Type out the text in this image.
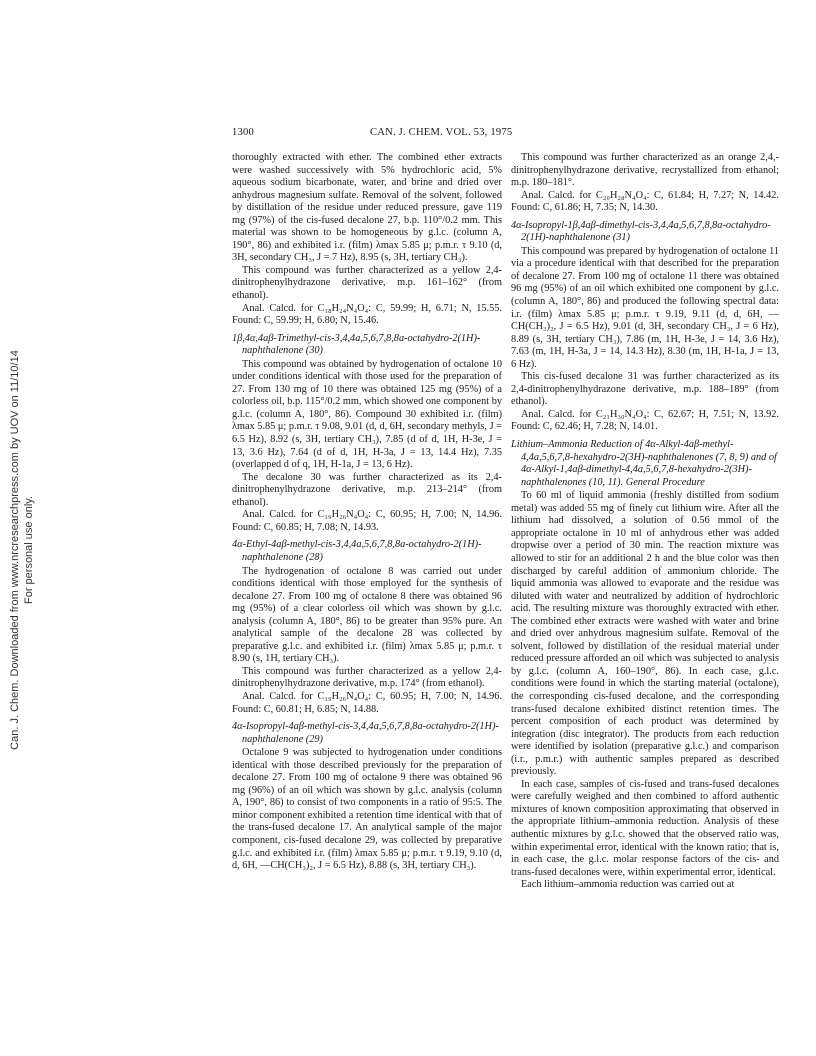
Can. J. Chem. Downloaded from www.nrcresearchpress.com by UOV on 11/10/14 For personal use only.
1300	CAN. J. CHEM. VOL. 53, 1975

thoroughly extracted with ether. The combined ether extracts were washed successively with 5% hydrochloric acid, 5% aqueous sodium bicarbonate, water, and brine and dried over anhydrous magnesium sulfate. Removal of the solvent, followed by distillation of the residue under reduced pressure, gave 119 mg (97%) of the cis-fused decalone 27, b.p. 110°/0.2 mm. This material was shown to be homogeneous by g.l.c. (column A, 190°, 86) and exhibited i.r. (film) λmax 5.85 μ; p.m.r. τ 9.10 (d, 3H, secondary CH₃, J = 7 Hz), 8.95 (s, 3H, tertiary CH₃).

This compound was further characterized as a yellow 2,4-dinitrophenylhydrazone derivative, m.p. 161–162° (from ethanol).

Anal. Calcd. for C₁₈H₂₄N₄O₄: C, 59.99; H, 6.71; N, 15.55. Found: C, 59.99; H, 6.80; N, 15.46.

1β,4α,4aβ-Trimethyl-cis-3,4,4a,5,6,7,8,8a-octahydro-2(1H)-naphthalenone (30)

This compound was obtained by hydrogenation of octalone 10 under conditions identical with those used for the preparation of 27. From 130 mg of 10 there was obtained 125 mg (95%) of a colorless oil, b.p. 115°/0.2 mm, which showed one component by g.l.c. (column A, 180°, 86). Compound 30 exhibited i.r. (film) λmax 5.85 μ; p.m.r. τ 9.08, 9.01 (d, d, 6H, secondary methyls, J = 6.5 Hz), 8.92 (s, 3H, tertiary CH₃), 7.85 (d of d, 1H, H-3e, J = 13, 3.6 Hz), 7.64 (d of d, 1H, H-3a, J = 13, 14.4 Hz), 7.35 (overlapped d of q, 1H, H-1a, J = 13, 6 Hz).

The decalone 30 was further characterized as its 2,4-dinitrophenylhydrazone derivative, m.p. 213–214° (from ethanol).

Anal. Calcd. for C₁₉H₂₆N₄O₄: C, 60.95; H, 7.00; N, 14.96. Found: C, 60.85; H, 7.08; N, 14.93.

4α-Ethyl-4aβ-methyl-cis-3,4,4a,5,6,7,8,8a-octahydro-2(1H)-naphthalenone (28)

The hydrogenation of octalone 8 was carried out under conditions identical with those employed for the synthesis of decalone 27. From 100 mg of octalone 8 there was obtained 96 mg (95%) of a clear colorless oil which was shown by g.l.c. analysis (column A, 180°, 86) to be greater than 95% pure. An analytical sample of the decalone 28 was collected by preparative g.l.c. and exhibited i.r. (film) λmax 5.85 μ; p.m.r. τ 8.90 (s, 1H, tertiary CH₃).

This compound was further characterized as a yellow 2,4-dinitrophenylhydrazone derivative, m.p. 174° (from ethanol).

Anal. Calcd. for C₁₉H₂₆N₄O₄: C, 60.95; H, 7.00; N, 14.96. Found: C, 60.81; H, 6.85; N, 14.88.

4α-Isopropyl-4aβ-methyl-cis-3,4,4a,5,6,7,8,8a-octahydro-2(1H)-naphthalenone (29)

Octalone 9 was subjected to hydrogenation under conditions identical with those described previously for the preparation of decalone 27. From 100 mg of octalone 9 there was obtained 96 mg (96%) of an oil which was shown by g.l.c. analysis (column A, 190°, 86) to consist of two components in a ratio of 95:5. The minor component exhibited a retention time identical with that of the trans-fused decalone 17. An analytical sample of the major component, cis-fused decalone 29, was collected by preparative g.l.c. and exhibited i.r. (film) λmax 5.85 μ; p.m.r. τ 9.19, 9.10 (d, d, 6H, —CH(CH₃)₂, J = 6.5 Hz), 8.88 (s, 3H, tertiary CH₃).

This compound was further characterized as an orange 2,4,-dinitrophenylhydrazone derivative, recrystallized from ethanol; m.p. 180–181°.

Anal. Calcd. for C₂₀H₂₈N₄O₄: C, 61.84; H, 7.27; N, 14.42. Found: C, 61.86; H, 7.35; N, 14.30.

4α-Isopropyl-1β,4aβ-dimethyl-cis-3,4,4a,5,6,7,8,8a-octahydro-2(1H)-naphthalenone (31)

This compound was prepared by hydrogenation of octalone 11 via a procedure identical with that described for the preparation of decalone 27. From 100 mg of octalone 11 there was obtained 96 mg (95%) of an oil which exhibited one component by g.l.c. (column A, 180°, 86) and produced the following spectral data: i.r. (film) λmax 5.85 μ; p.m.r. τ 9.19, 9.11 (d, d, 6H, —CH(CH₃)₂, J = 6.5 Hz), 9.01 (d, 3H, secondary CH₃, J = 6 Hz), 8.89 (s, 3H, tertiary CH₃), 7.86 (m, 1H, H-3e, J = 14, 3.6 Hz), 7.63 (m, 1H, H-3a, J = 14, 14.3 Hz), 8.30 (m, 1H, H-1a, J = 13, 6 Hz).

This cis-fused decalone 31 was further characterized as its 2,4-dinitrophenylhydrazone derivative, m.p. 188–189° (from ethanol).

Anal. Calcd. for C₂₁H₃₀N₄O₄: C, 62.67; H, 7.51; N, 13.92. Found: C, 62.46; H, 7.28; N, 14.01.

Lithium–Ammonia Reduction of 4α-Alkyl-4aβ-methyl-4,4a,5,6,7,8-hexahydro-2(3H)-naphthalenones (7, 8, 9) and of 4α-Alkyl-1,4aβ-dimethyl-4,4a,5,6,7,8-hexahydro-2(3H)-naphthalenones (10, 11). General Procedure

To 60 ml of liquid ammonia (freshly distilled from sodium metal) was added 55 mg of finely cut lithium wire. After all the lithium had dissolved, a solution of 0.56 mmol of the appropriate octalone in 10 ml of anhydrous ether was added dropwise over a period of 30 min. The reaction mixture was allowed to stir for an additional 2 h and the blue color was then discharged by careful addition of ammonium chloride. The liquid ammonia was allowed to evaporate and the residue was diluted with water and neutralized by addition of hydrochloric acid. The resulting mixture was thoroughly extracted with ether. The combined ether extracts were washed with water and brine and dried over anhydrous magnesium sulfate. Removal of the solvent, followed by distillation of the residual material under reduced pressure afforded an oil which was subjected to analysis by g.l.c. (column A, 160–190°, 86). In each case, g.l.c. conditions were found in which the starting material (octalone), the corresponding cis-fused decalone, and the corresponding trans-fused decalone exhibited distinct retention times. The percent composition of each product was determined by integration (disc integrator). The products from each reduction were identified by isolation (preparative g.l.c.) and comparison (i.r., p.m.r.) with authentic samples prepared as described previously.

In each case, samples of cis-fused and trans-fused decalones were carefully weighed and then combined to afford authentic mixtures of known composition approximating that observed in the appropriate lithium–ammonia reduction. Analysis of these authentic mixtures by g.l.c. showed that the observed ratio was, within experimental error, identical with the known ratio; that is, in each case, the g.l.c. molar response factors of the cis- and trans-fused decalones were, within experimental error, identical.

Each lithium–ammonia reduction was carried out at
